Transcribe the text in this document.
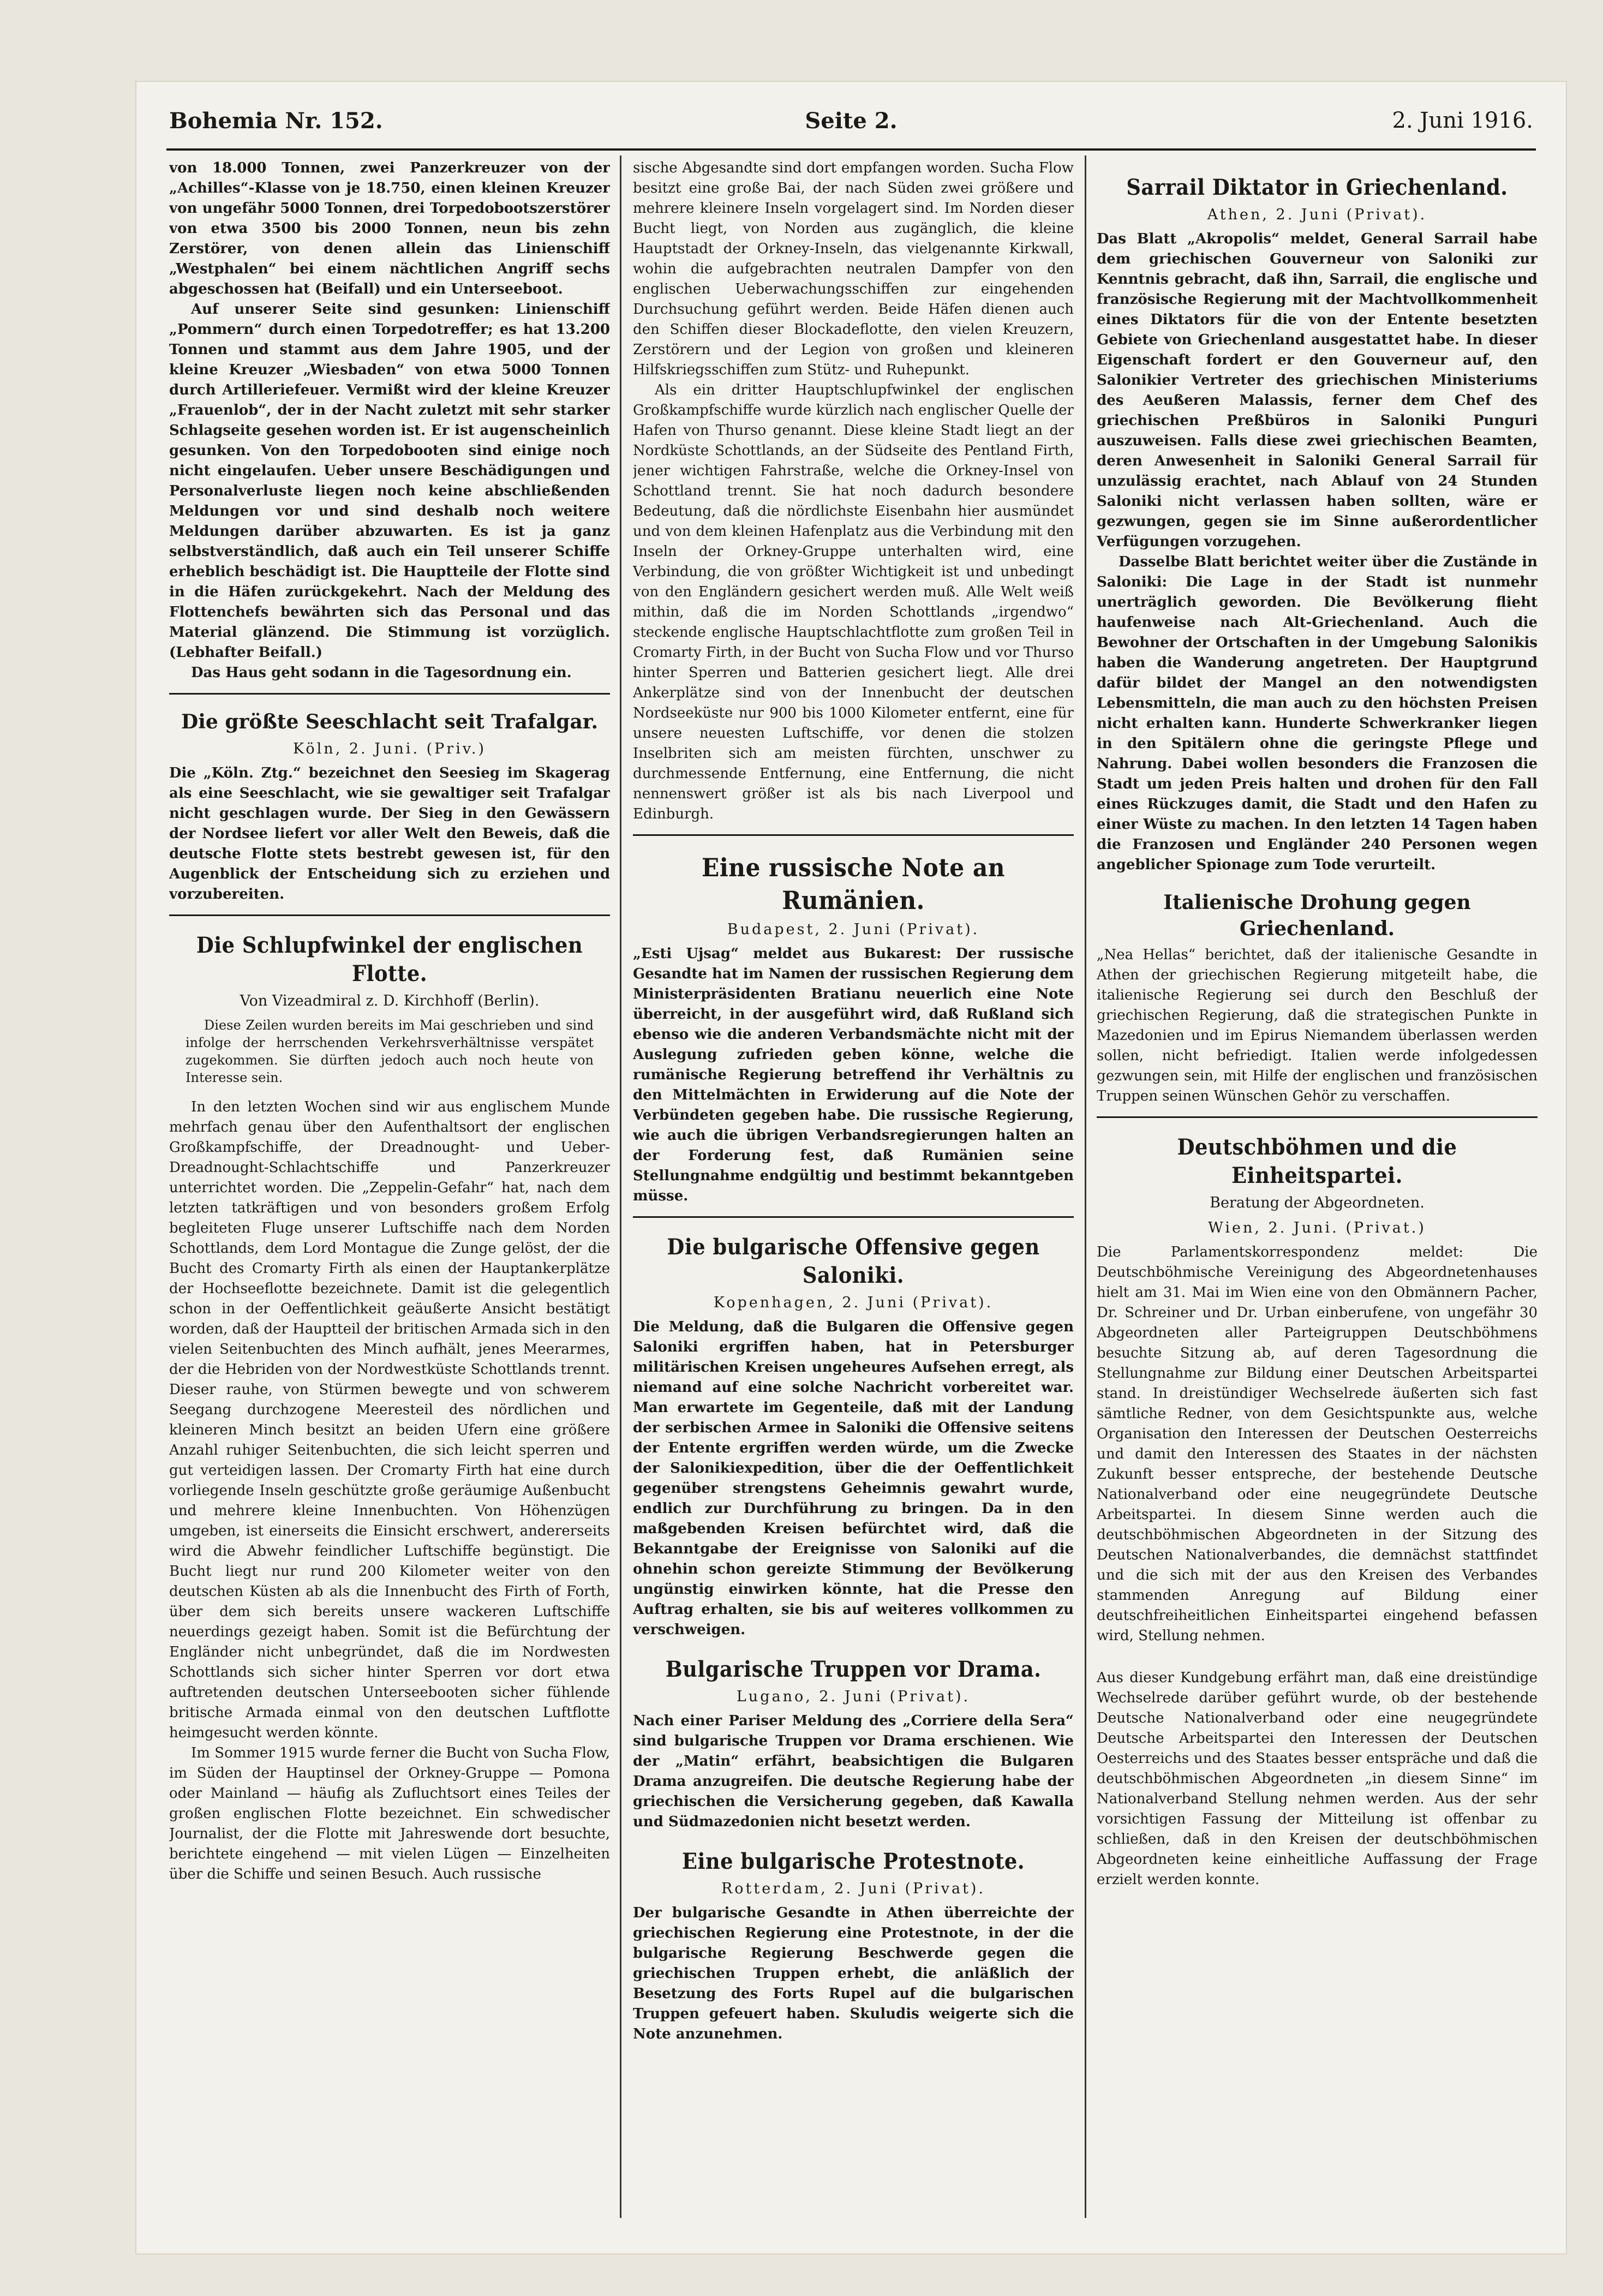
Bohemia Nr. 152.	Seite 2.	2. Juni 1916.

von 18.000 Tonnen, zwei Panzerkreuzer von der „Achilles“-Klasse von je 18.750, einen kleinen Kreuzer von ungefähr 5000 Tonnen, drei Torpedobootszerstörer von etwa 3500 bis 2000 Tonnen, neun bis zehn Zerstörer, von denen allein das Linienschiff „Westphalen“ bei einem nächtlichen Angriff sechs abgeschossen hat (Beifall) und ein Unterseeboot.

Auf unserer Seite sind gesunken: Linienschiff „Pommern“ durch einen Torpedotreffer; es hat 13.200 Tonnen und stammt aus dem Jahre 1905, und der kleine Kreuzer „Wiesbaden“ von etwa 5000 Tonnen durch Artilleriefeuer. Vermißt wird der kleine Kreuzer „Frauenlob“, der in der Nacht zuletzt mit sehr starker Schlagseite gesehen worden ist. Er ist augenscheinlich gesunken. Von den Torpedobooten sind einige noch nicht eingelaufen. Ueber unsere Beschädigungen und Personalverluste liegen noch keine abschließenden Meldungen vor und sind deshalb noch weitere Meldungen darüber abzuwarten. Es ist ja ganz selbstverständlich, daß auch ein Teil unserer Schiffe erheblich beschädigt ist. Die Hauptteile der Flotte sind in die Häfen zurückgekehrt. Nach der Meldung des Flottenchefs bewährten sich das Personal und das Material glänzend. Die Stimmung ist vorzüglich. (Lebhafter Beifall.)

Das Haus geht sodann in die Tagesordnung ein.

Die größte Seeschlacht seit Trafalgar.
Köln, 2. Juni. (Priv.)

Die „Köln. Ztg.“ bezeichnet den Seesieg im Skagerag als eine Seeschlacht, wie sie gewaltiger seit Trafalgar nicht geschlagen wurde. Der Sieg in den Gewässern der Nordsee liefert vor aller Welt den Beweis, daß die deutsche Flotte stets bestrebt gewesen ist, für den Augenblick der Entscheidung sich zu erziehen und vorzubereiten.

Die Schlupfwinkel der englischen Flotte.
Von Vizeadmiral z. D. Kirchhoff (Berlin).

Diese Zeilen wurden bereits im Mai geschrieben und sind infolge der herrschenden Verkehrsverhältnisse verspätet zugekommen. Sie dürften jedoch auch noch heute von Interesse sein.

In den letzten Wochen sind wir aus englischem Munde mehrfach genau über den Aufenthaltsort der englischen Großkampfschiffe, der Dreadnought- und Ueber-Dreadnought-Schlachtschiffe und Panzerkreuzer unterrichtet worden. Die „Zeppelin-Gefahr“ hat, nach dem letzten tatkräftigen und von besonders großem Erfolg begleiteten Fluge unserer Luftschiffe nach dem Norden Schottlands, dem Lord Montague die Zunge gelöst, der die Bucht des Cromarty Firth als einen der Hauptankerplätze der Hochseeflotte bezeichnete. Damit ist die gelegentlich schon in der Oeffentlichkeit geäußerte Ansicht bestätigt worden, daß der Hauptteil der britischen Armada sich in den vielen Seitenbuchten des Minch aufhält, jenes Meerarmes, der die Hebriden von der Nordwestküste Schottlands trennt. Dieser rauhe, von Stürmen bewegte und von schwerem Seegang durchzogene Meeresteil des nördlichen und kleineren Minch besitzt an beiden Ufern eine größere Anzahl ruhiger Seitenbuchten, die sich leicht sperren und gut verteidigen lassen. Der Cromarty Firth hat eine durch vorliegende Inseln geschützte große geräumige Außenbucht und mehrere kleine Innenbuchten. Von Höhenzügen umgeben, ist einerseits die Einsicht erschwert, andererseits wird die Abwehr feindlicher Luftschiffe begünstigt. Die Bucht liegt nur rund 200 Kilometer weiter von den deutschen Küsten ab als die Innenbucht des Firth of Forth, über dem sich bereits unsere wackeren Luftschiffe neuerdings gezeigt haben. Somit ist die Befürchtung der Engländer nicht unbegründet, daß die im Nordwesten Schottlands sich sicher hinter Sperren vor dort etwa auftretenden deutschen Unterseebooten sicher fühlende britische Armada einmal von den deutschen Luftflotte heimgesucht werden könnte.

Im Sommer 1915 wurde ferner die Bucht von Sucha Flow, im Süden der Hauptinsel der Orkney-Gruppe — Pomona oder Mainland — häufig als Zufluchtsort eines Teiles der großen englischen Flotte bezeichnet. Ein schwedischer Journalist, der die Flotte mit Jahreswende dort besuchte, berichtete eingehend — mit vielen Lügen — Einzelheiten über die Schiffe und seinen Besuch. Auch russische

sische Abgesandte sind dort empfangen worden. Sucha Flow besitzt eine große Bai, der nach Süden zwei größere und mehrere kleinere Inseln vorgelagert sind. Im Norden dieser Bucht liegt, von Norden aus zugänglich, die kleine Hauptstadt der Orkney-Inseln, das vielgenannte Kirkwall, wohin die aufgebrachten neutralen Dampfer von den englischen Ueberwachungsschiffen zur eingehenden Durchsuchung geführt werden. Beide Häfen dienen auch den Schiffen dieser Blockadeflotte, den vielen Kreuzern, Zerstörern und der Legion von großen und kleineren Hilfskriegsschiffen zum Stütz- und Ruhepunkt.

Als ein dritter Hauptschlupfwinkel der englischen Großkampfschiffe wurde kürzlich nach englischer Quelle der Hafen von Thurso genannt. Diese kleine Stadt liegt an der Nordküste Schottlands, an der Südseite des Pentland Firth, jener wichtigen Fahrstraße, welche die Orkney-Insel von Schottland trennt. Sie hat noch dadurch besondere Bedeutung, daß die nördlichste Eisenbahn hier ausmündet und von dem kleinen Hafenplatz aus die Verbindung mit den Inseln der Orkney-Gruppe unterhalten wird, eine Verbindung, die von größter Wichtigkeit ist und unbedingt von den Engländern gesichert werden muß. Alle Welt weiß mithin, daß die im Norden Schottlands „irgendwo“ steckende englische Hauptschlachtflotte zum großen Teil in Cromarty Firth, in der Bucht von Sucha Flow und vor Thurso hinter Sperren und Batterien gesichert liegt. Alle drei Ankerplätze sind von der Innenbucht der deutschen Nordseeküste nur 900 bis 1000 Kilometer entfernt, eine für unsere neuesten Luftschiffe, vor denen die stolzen Inselbriten sich am meisten fürchten, unschwer zu durchmessende Entfernung, eine Entfernung, die nicht nennenswert größer ist als bis nach Liverpool und Edinburgh.

Eine russische Note an Rumänien.
Budapest, 2. Juni (Privat).

„Esti Ujsag“ meldet aus Bukarest: Der russische Gesandte hat im Namen der russischen Regierung dem Ministerpräsidenten Bratianu neuerlich eine Note überreicht, in der ausgeführt wird, daß Rußland sich ebenso wie die anderen Verbandsmächte nicht mit der Auslegung zufrieden geben könne, welche die rumänische Regierung betreffend ihr Verhältnis zu den Mittelmächten in Erwiderung auf die Note der Verbündeten gegeben habe. Die russische Regierung, wie auch die übrigen Verbandsregierungen halten an der Forderung fest, daß Rumänien seine Stellungnahme endgültig und bestimmt bekanntgeben müsse.

Die bulgarische Offensive gegen Saloniki.
Kopenhagen, 2. Juni (Privat).

Die Meldung, daß die Bulgaren die Offensive gegen Saloniki ergriffen haben, hat in Petersburger militärischen Kreisen ungeheures Aufsehen erregt, als niemand auf eine solche Nachricht vorbereitet war. Man erwartete im Gegenteile, daß mit der Landung der serbischen Armee in Saloniki die Offensive seitens der Entente ergriffen werden würde, um die Zwecke der Salonikiexpedition, über die der Oeffentlichkeit gegenüber strengstens Geheimnis gewahrt wurde, endlich zur Durchführung zu bringen. Da in den maßgebenden Kreisen befürchtet wird, daß die Bekanntgabe der Ereignisse von Saloniki auf die ohnehin schon gereizte Stimmung der Bevölkerung ungünstig einwirken könnte, hat die Presse den Auftrag erhalten, sie bis auf weiteres vollkommen zu verschweigen.

Bulgarische Truppen vor Drama.
Lugano, 2. Juni (Privat).

Nach einer Pariser Meldung des „Corriere della Sera“ sind bulgarische Truppen vor Drama erschienen. Wie der „Matin“ erfährt, beabsichtigen die Bulgaren Drama anzugreifen. Die deutsche Regierung habe der griechischen die Versicherung gegeben, daß Kawalla und Südmazedonien nicht besetzt werden.

Eine bulgarische Protestnote.
Rotterdam, 2. Juni (Privat).

Der bulgarische Gesandte in Athen überreichte der griechischen Regierung eine Protestnote, in der die bulgarische Regierung Beschwerde gegen die griechischen Truppen erhebt, die anläßlich der Besetzung des Forts Rupel auf die bulgarischen Truppen gefeuert haben. Skuludis weigerte sich die Note anzunehmen.

Sarrail Diktator in Griechenland.
Athen, 2. Juni (Privat).

Das Blatt „Akropolis“ meldet, General Sarrail habe dem griechischen Gouverneur von Saloniki zur Kenntnis gebracht, daß ihn, Sarrail, die englische und französische Regierung mit der Machtvollkommenheit eines Diktators für die von der Entente besetzten Gebiete von Griechenland ausgestattet habe. In dieser Eigenschaft fordert er den Gouverneur auf, den Salonikier Vertreter des griechischen Ministeriums des Aeußeren Malassis, ferner dem Chef des griechischen Preßbüros in Saloniki Punguri auszuweisen. Falls diese zwei griechischen Beamten, deren Anwesenheit in Saloniki General Sarrail für unzulässig erachtet, nach Ablauf von 24 Stunden Saloniki nicht verlassen haben sollten, wäre er gezwungen, gegen sie im Sinne außerordentlicher Verfügungen vorzugehen.

Dasselbe Blatt berichtet weiter über die Zustände in Saloniki: Die Lage in der Stadt ist nunmehr unerträglich geworden. Die Bevölkerung flieht haufenweise nach Alt-Griechenland. Auch die Bewohner der Ortschaften in der Umgebung Salonikis haben die Wanderung angetreten. Der Hauptgrund dafür bildet der Mangel an den notwendigsten Lebensmitteln, die man auch zu den höchsten Preisen nicht erhalten kann. Hunderte Schwerkranker liegen in den Spitälern ohne die geringste Pflege und Nahrung. Dabei wollen besonders die Franzosen die Stadt um jeden Preis halten und drohen für den Fall eines Rückzuges damit, die Stadt und den Hafen zu einer Wüste zu machen. In den letzten 14 Tagen haben die Franzosen und Engländer 240 Personen wegen angeblicher Spionage zum Tode verurteilt.

Italienische Drohung gegen Griechenland.

„Nea Hellas“ berichtet, daß der italienische Gesandte in Athen der griechischen Regierung mitgeteilt habe, die italienische Regierung sei durch den Beschluß der griechischen Regierung, daß die strategischen Punkte in Mazedonien und im Epirus Niemandem überlassen werden sollen, nicht befriedigt. Italien werde infolgedessen gezwungen sein, mit Hilfe der englischen und französischen Truppen seinen Wünschen Gehör zu verschaffen.

Deutschböhmen und die Einheitspartei.
Beratung der Abgeordneten.
Wien, 2. Juni. (Privat.)

Die Parlamentskorrespondenz meldet: Die Deutschböhmische Vereinigung des Abgeordnetenhauses hielt am 31. Mai im Wien eine von den Obmännern Pacher, Dr. Schreiner und Dr. Urban einberufene, von ungefähr 30 Abgeordneten aller Parteigruppen Deutschböhmens besuchte Sitzung ab, auf deren Tagesordnung die Stellungnahme zur Bildung einer Deutschen Arbeitspartei stand. In dreistündiger Wechselrede äußerten sich fast sämtliche Redner, von dem Gesichtspunkte aus, welche Organisation den Interessen der Deutschen Oesterreichs und damit den Interessen des Staates in der nächsten Zukunft besser entspreche, der bestehende Deutsche Nationalverband oder eine neugegründete Deutsche Arbeitspartei. In diesem Sinne werden auch die deutschböhmischen Abgeordneten in der Sitzung des Deutschen Nationalverbandes, die demnächst stattfindet und die sich mit der aus den Kreisen des Verbandes stammenden Anregung auf Bildung einer deutschfreiheitlichen Einheitspartei eingehend befassen wird, Stellung nehmen.

Aus dieser Kundgebung erfährt man, daß eine dreistündige Wechselrede darüber geführt wurde, ob der bestehende Deutsche Nationalverband oder eine neugegründete Deutsche Arbeitspartei den Interessen der Deutschen Oesterreichs und des Staates besser entspräche und daß die deutschböhmischen Abgeordneten „in diesem Sinne“ im Nationalverband Stellung nehmen werden. Aus der sehr vorsichtigen Fassung der Mitteilung ist offenbar zu schließen, daß in den Kreisen der deutschböhmischen Abgeordneten keine einheitliche Auffassung der Frage erzielt werden konnte.
